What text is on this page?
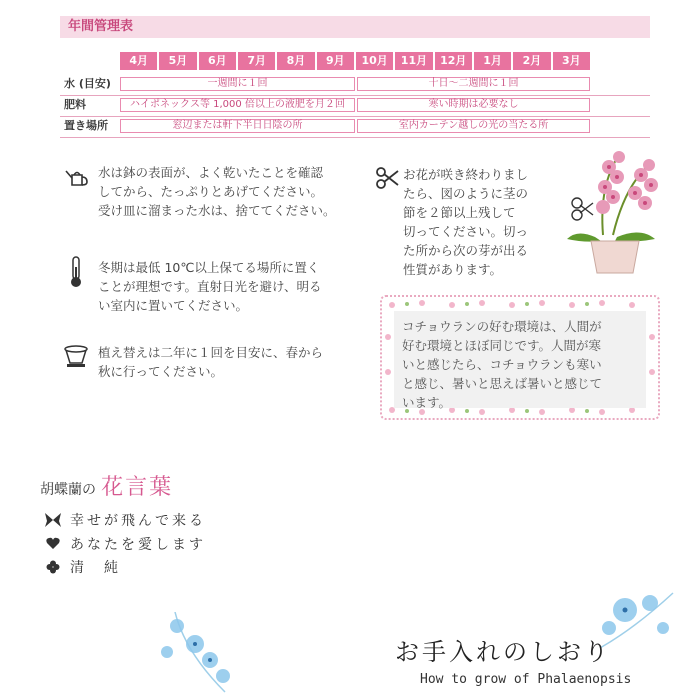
年間管理表
4月	5月	6月	7月	8月	9月	10月	11月	12月	1月	2月	3月
水 (目安)	一週間に１回	十日〜二週間に１回
肥料	ハイポネックス等 1,000 倍以上の液肥を月２回	寒い時期は必要なし
置き場所	窓辺または軒下半日日陰の所	室内カーテン越しの光の当たる所
水は鉢の表面が、よく乾いたことを確認
してから、たっぷりとあげてください。
受け皿に溜まった水は、捨ててください。
冬期は最低 10℃以上保てる場所に置く
ことが理想です。直射日光を避け、明る
い室内に置いてください。
植え替えは二年に１回を目安に、春から
秋に行ってください。
お花が咲き終わりまし
たら、図のように茎の
節を２節以上残して
切ってください。切っ
た所から次の芽が出る
性質があります。
コチョウランの好む環境は、人間が
好む環境とほぼ同じです。人間が寒
いと感じたら、コチョウランも寒い
と感じ、暑いと思えば暑いと感じて
います。
胡蝶蘭の 花言葉
幸せが飛んで来る
あなたを愛します
清　純
お手入れのしおり
How to grow of Phalaenopsis
